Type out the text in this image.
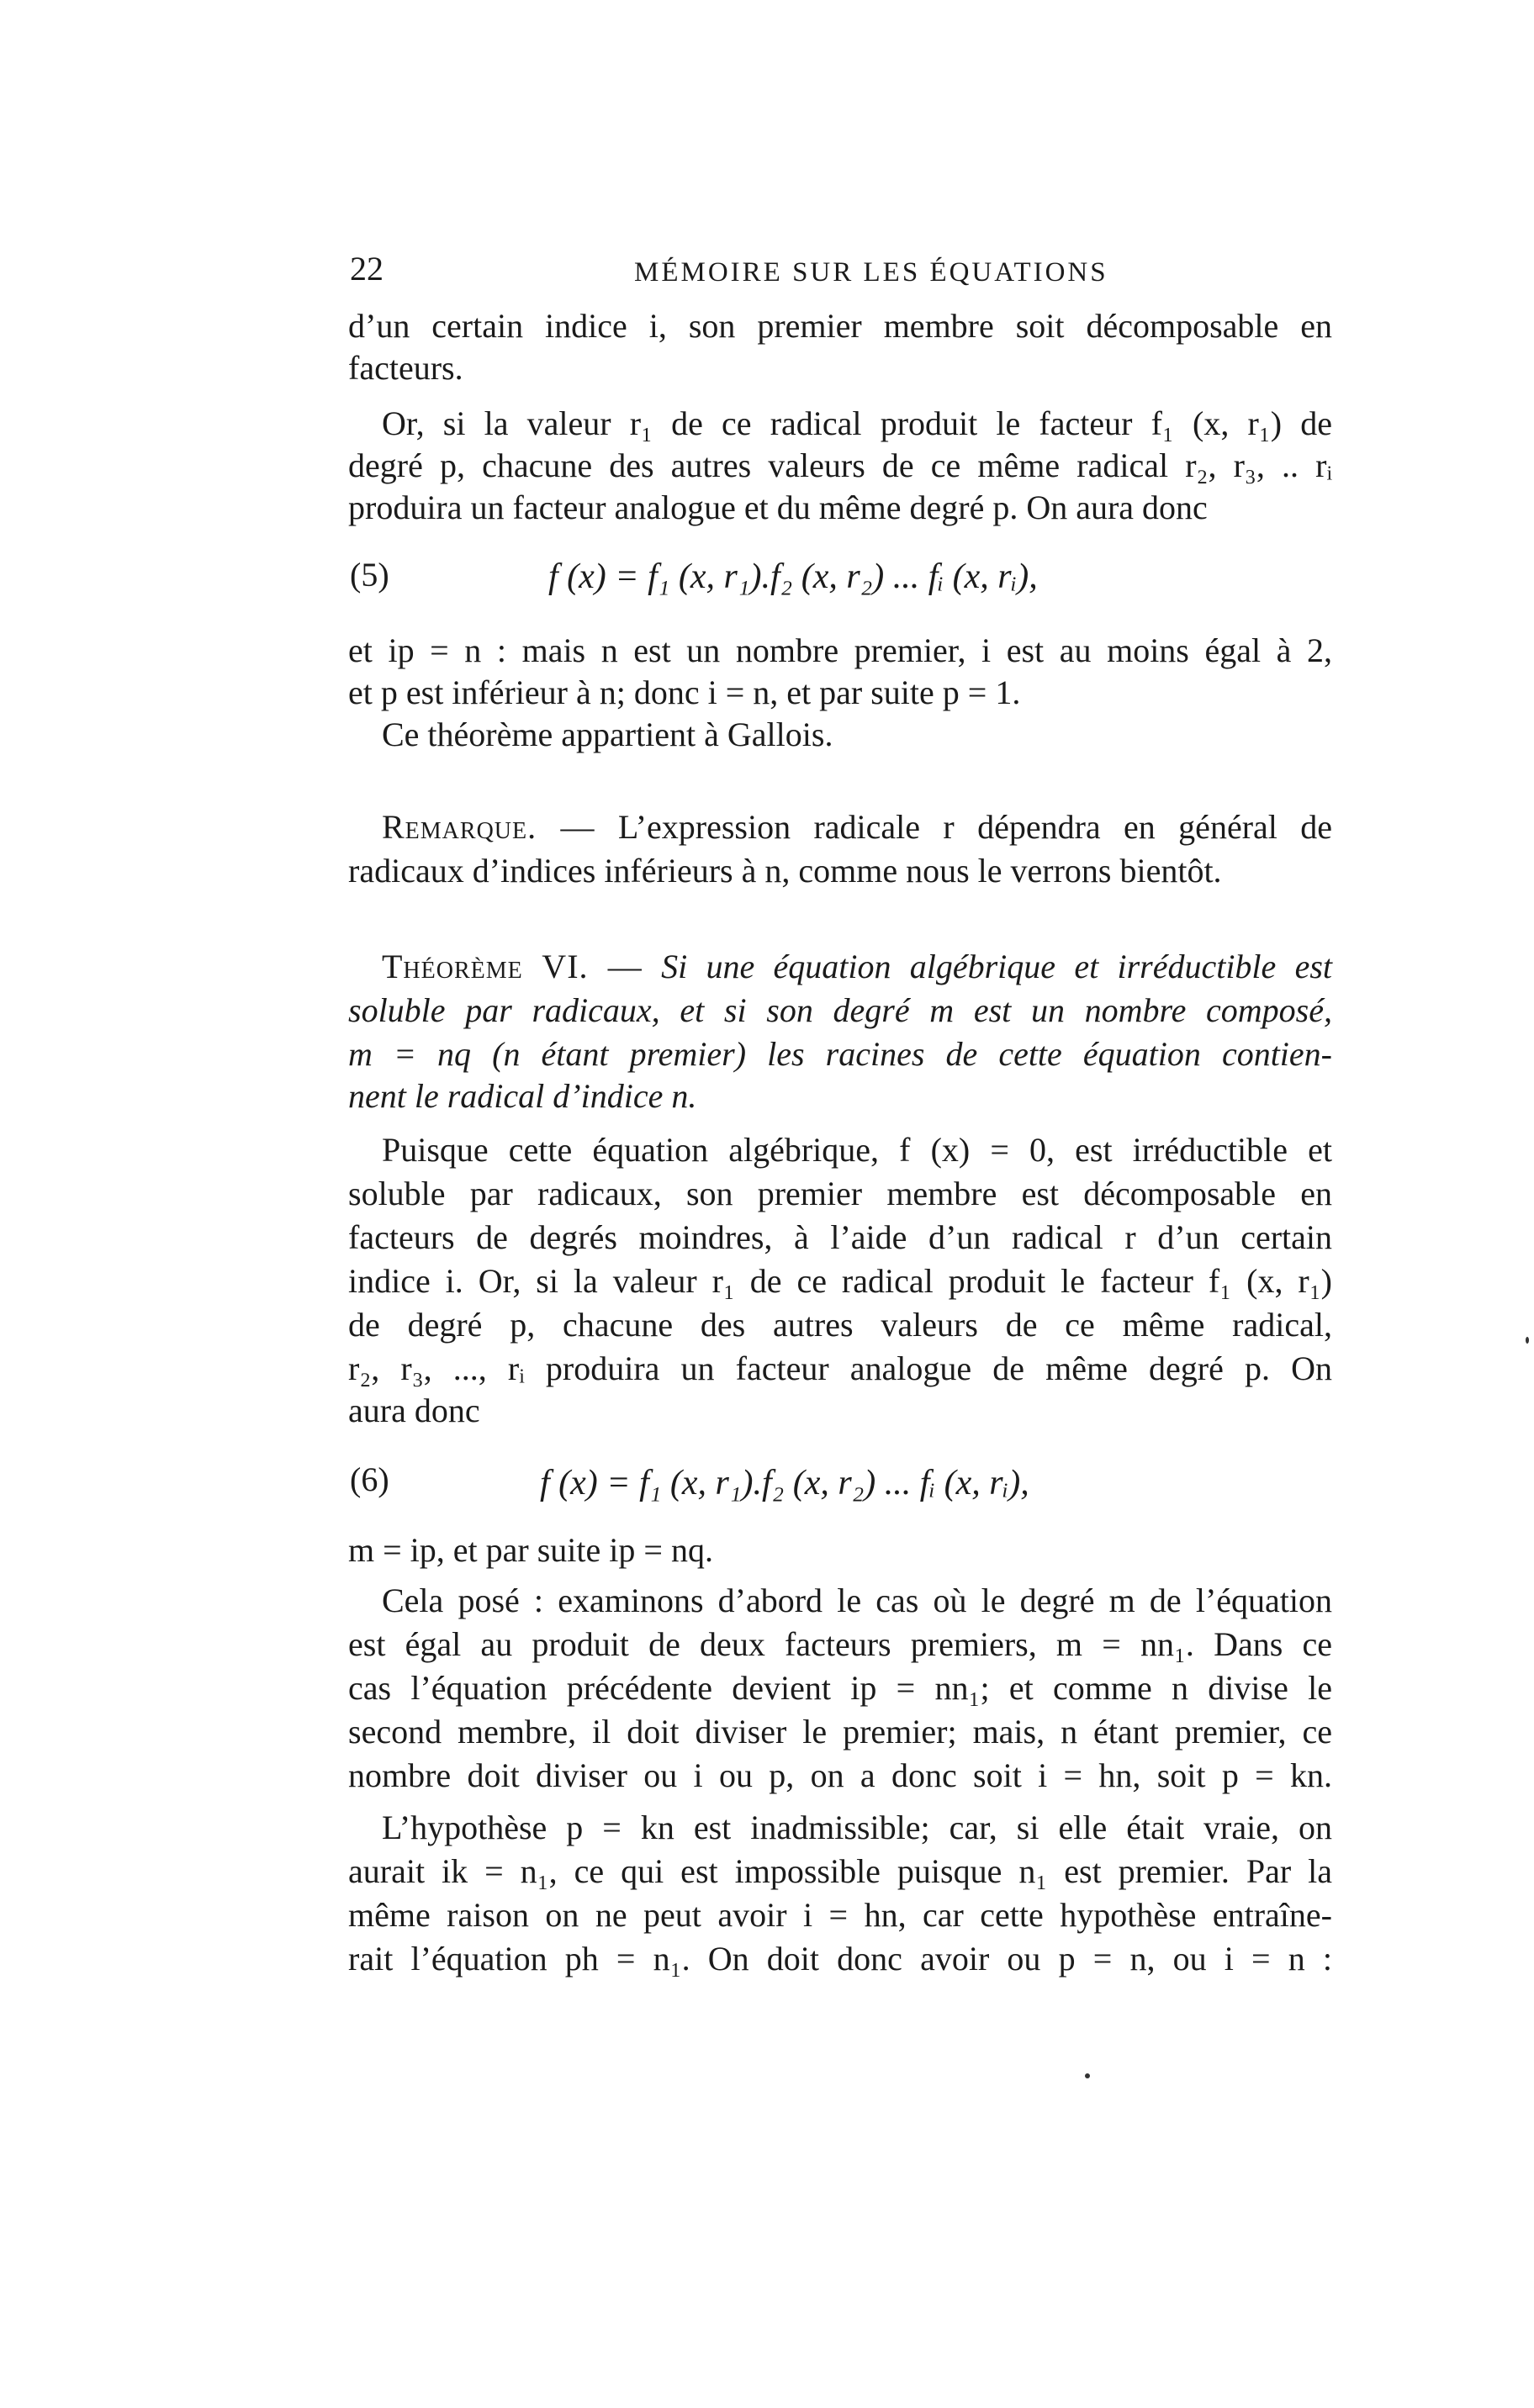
22	MÉMOIRE SUR LES ÉQUATIONS
d’un certain indice i, son premier membre soit décomposable en
facteurs.
Or, si la valeur r₁ de ce radical produit le facteur f₁ (x, r₁) de
degré p, chacune des autres valeurs de ce même radical r₂, r₃, .. rᵢ
produira un facteur analogue et du même degré p. On aura donc
(5)	f (x) = f₁ (x, r₁).f₂ (x, r₂) ... fᵢ (x, rᵢ),
et ip = n : mais n est un nombre premier, i est au moins égal à 2,
et p est inférieur à n; donc i = n, et par suite p = 1.
Ce théorème appartient à Gallois.
Remarque. — L’expression radicale r dépendra en général de
radicaux d’indices inférieurs à n, comme nous le verrons bientôt.
Théorème VI. — Si une équation algébrique et irréductible est
soluble par radicaux, et si son degré m est un nombre composé,
m = nq (n étant premier) les racines de cette équation contien-
nent le radical d’indice n.
Puisque cette équation algébrique, f (x) = 0, est irréductible et
soluble par radicaux, son premier membre est décomposable en
facteurs de degrés moindres, à l’aide d’un radical r d’un certain
indice i. Or, si la valeur r₁ de ce radical produit le facteur f₁ (x, r₁)
de degré p, chacune des autres valeurs de ce même radical,
r₂, r₃, ..., rᵢ produira un facteur analogue de même degré p. On
aura donc
(6)	f (x) = f₁ (x, r₁).f₂ (x, r₂) ... fᵢ (x, rᵢ),
m = ip, et par suite ip = nq.
Cela posé : examinons d’abord le cas où le degré m de l’équation
est égal au produit de deux facteurs premiers, m = nn₁. Dans ce
cas l’équation précédente devient ip = nn₁; et comme n divise le
second membre, il doit diviser le premier; mais, n étant premier, ce
nombre doit diviser ou i ou p, on a donc soit i = hn, soit p = kn.
L’hypothèse p = kn est inadmissible; car, si elle était vraie, on
aurait ik = n₁, ce qui est impossible puisque n₁ est premier. Par la
même raison on ne peut avoir i = hn, car cette hypothèse entraîne-
rait l’équation ph = n₁. On doit donc avoir ou p = n, ou i = n :
